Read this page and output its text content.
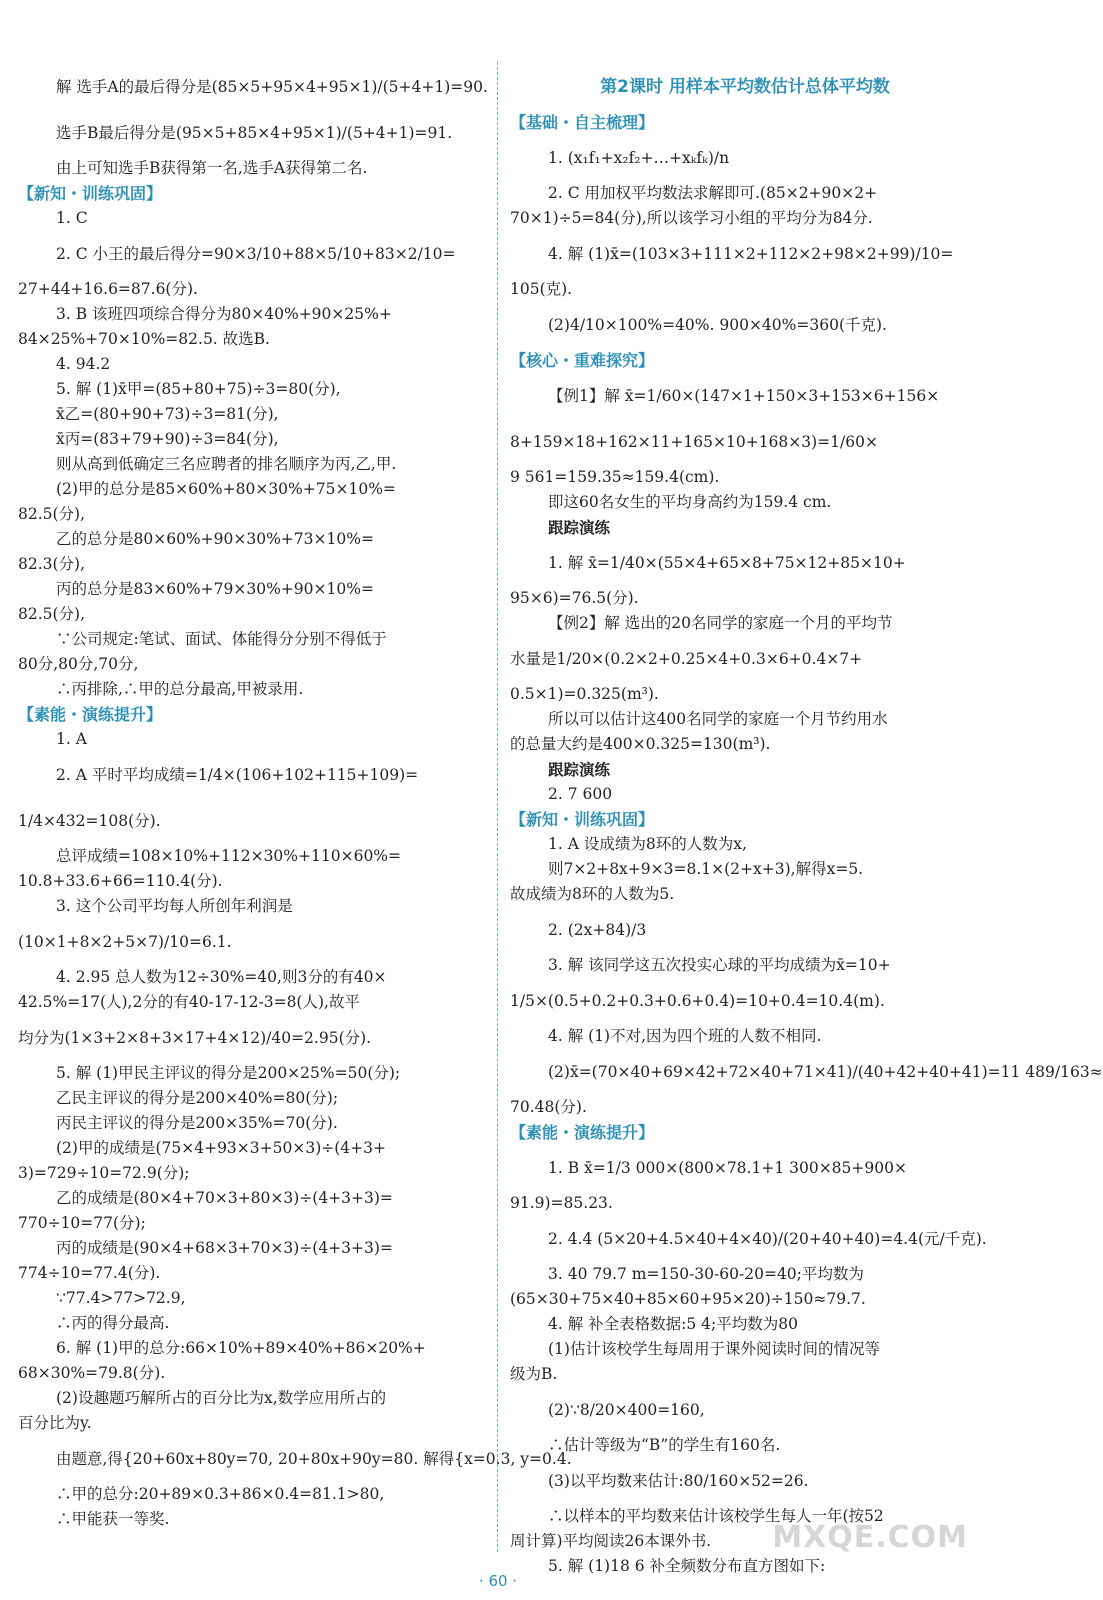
解 选手A的最后得分是(85×5+95×4+95×1)/(5+4+1)=90.
选手B最后得分是(95×5+85×4+95×1)/(5+4+1)=91.
由上可知选手B获得第一名,选手A获得第二名.
【新知・训练巩固】
1. C
2. C 小王的最后得分=90×3/10+88×5/10+83×2/10=
27+44+16.6=87.6(分).
3. B 该班四项综合得分为80×40%+90×25%+
84×25%+70×10%=82.5. 故选B.
4. 94.2
5. 解 (1)x̄甲=(85+80+75)÷3=80(分),
x̄乙=(80+90+73)÷3=81(分),
x̄丙=(83+79+90)÷3=84(分),
则从高到低确定三名应聘者的排名顺序为丙,乙,甲.
(2)甲的总分是85×60%+80×30%+75×10%=
82.5(分),
乙的总分是80×60%+90×30%+73×10%=
82.3(分),
丙的总分是83×60%+79×30%+90×10%=
82.5(分),
∵公司规定:笔试、面试、体能得分分别不得低于
80分,80分,70分,
∴丙排除,∴甲的总分最高,甲被录用.
【素能・演练提升】
1. A
2. A 平时平均成绩=1/4×(106+102+115+109)=
1/4×432=108(分).
总评成绩=108×10%+112×30%+110×60%=
10.8+33.6+66=110.4(分).
3. 这个公司平均每人所创年利润是
(10×1+8×2+5×7)/10=6.1.
4. 2.95 总人数为12÷30%=40,则3分的有40×
42.5%=17(人),2分的有40-17-12-3=8(人),故平
均分为(1×3+2×8+3×17+4×12)/40=2.95(分).
5. 解 (1)甲民主评议的得分是200×25%=50(分);
乙民主评议的得分是200×40%=80(分);
丙民主评议的得分是200×35%=70(分).
(2)甲的成绩是(75×4+93×3+50×3)÷(4+3+
3)=729÷10=72.9(分);
乙的成绩是(80×4+70×3+80×3)÷(4+3+3)=
770÷10=77(分);
丙的成绩是(90×4+68×3+70×3)÷(4+3+3)=
774÷10=77.4(分).
∵77.4>77>72.9,
∴丙的得分最高.
6. 解 (1)甲的总分:66×10%+89×40%+86×20%+
68×30%=79.8(分).
(2)设趣题巧解所占的百分比为x,数学应用所占的
百分比为y.
由题意,得{20+60x+80y=70, 20+80x+90y=80. 解得{x=0.3, y=0.4.
∴甲的总分:20+89×0.3+86×0.4=81.1>80,
∴甲能获一等奖.
第2课时 用样本平均数估计总体平均数
【基础・自主梳理】
1. (x₁f₁+x₂f₂+…+xₖfₖ)/n
2. C 用加权平均数法求解即可.(85×2+90×2+
70×1)÷5=84(分),所以该学习小组的平均分为84分.
4. 解 (1)x̄=(103×3+111×2+112×2+98×2+99)/10=
105(克).
(2)4/10×100%=40%. 900×40%=360(千克).
【核心・重难探究】
【例1】解 x̄=1/60×(147×1+150×3+153×6+156×
8+159×18+162×11+165×10+168×3)=1/60×
9 561=159.35≈159.4(cm).
即这60名女生的平均身高约为159.4 cm.
跟踪演练
1. 解 x̄=1/40×(55×4+65×8+75×12+85×10+
95×6)=76.5(分).
【例2】解 选出的20名同学的家庭一个月的平均节
水量是1/20×(0.2×2+0.25×4+0.3×6+0.4×7+
0.5×1)=0.325(m³).
所以可以估计这400名同学的家庭一个月节约用水
的总量大约是400×0.325=130(m³).
跟踪演练
2. 7 600
【新知・训练巩固】
1. A 设成绩为8环的人数为x,
则7×2+8x+9×3=8.1×(2+x+3),解得x=5.
故成绩为8环的人数为5.
2. (2x+84)/3
3. 解 该同学这五次投实心球的平均成绩为x̄=10+
1/5×(0.5+0.2+0.3+0.6+0.4)=10+0.4=10.4(m).
4. 解 (1)不对,因为四个班的人数不相同.
(2)x̄=(70×40+69×42+72×40+71×41)/(40+42+40+41)=11 489/163≈
70.48(分).
【素能・演练提升】
1. B x̄=1/3 000×(800×78.1+1 300×85+900×
91.9)=85.23.
2. 4.4 (5×20+4.5×40+4×40)/(20+40+40)=4.4(元/千克).
3. 40 79.7 m=150-30-60-20=40;平均数为
(65×30+75×40+85×60+95×20)÷150≈79.7.
4. 解 补全表格数据:5 4;平均数为80
(1)估计该校学生每周用于课外阅读时间的情况等
级为B.
(2)∵8/20×400=160,
∴估计等级为“B”的学生有160名.
(3)以平均数来估计:80/160×52=26.
∴以样本的平均数来估计该校学生每人一年(按52
周计算)平均阅读26本课外书.
5. 解 (1)18 6 补全频数分布直方图如下:
· 60 ·
MXQE.COM
